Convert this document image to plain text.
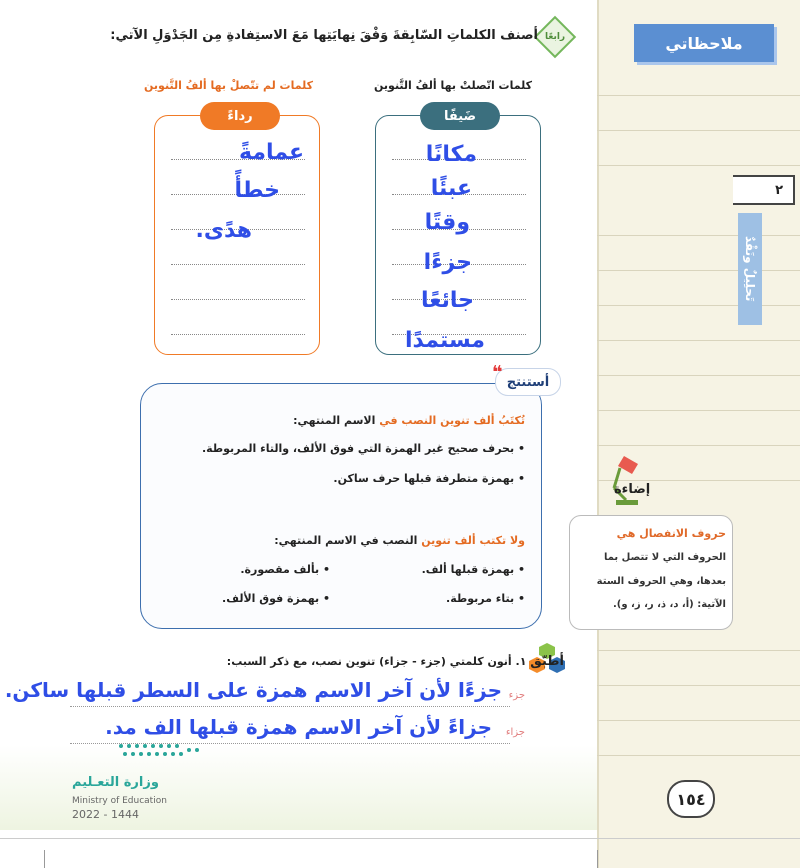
ملاحظاتي
٢
تَحلِيلٌ ونَقْدٌ
رابعًا
أصنف الكلماتِ السّابِقةَ وَفْقَ نِهايَتِها مَعَ الاستِفادةِ مِن الجَدْوَلِ الآتي:
كلمات اتّصلتْ بها ألفُ التَّنوين
كلمات لم تتّصلْ بها ألفُ التَّنوين
ضَيفًا
مكانًا
عبئًا
وقتًا
جزءًا
جائعًا
مستمدًا
رداءً
عمامةً
خطأً
هدًى.
أستنتج
❝
تُكتَبُ ألف تنوين النصب في الاسم المنتهي:
• بحرف صحيح غير الهمزة التي فوق الألف، والتاء المربوطة.
• بهمزة متطرفة قبلها حرف ساكن.
ولا تكتب ألف تنوين النصب في الاسم المنتهي:
• بهمزة قبلها ألف.
• بتاء مربوطة.
• بألف مقصورة.
• بهمزة فوق الألف.
إضاءة
حروف الانفصال هي
الحروف التي لا تتصل بما
بعدها، وهي الحروف الستة
الآتية: (أ، د، ذ، ر، ز، و).
أطبّق ١. أنون كلمتي (جزء - جزاء) تنوين نصب، مع ذكر السبب:
جزء
جزءًا لأن آخر الاسم همزة على السطر قبلها ساكن.
جزاء
جزاءً لأن آخر الاسم همزة قبلها الف مد.
وزارة التعـليم
Ministry of Education
2022 - 1444
١٥٤
